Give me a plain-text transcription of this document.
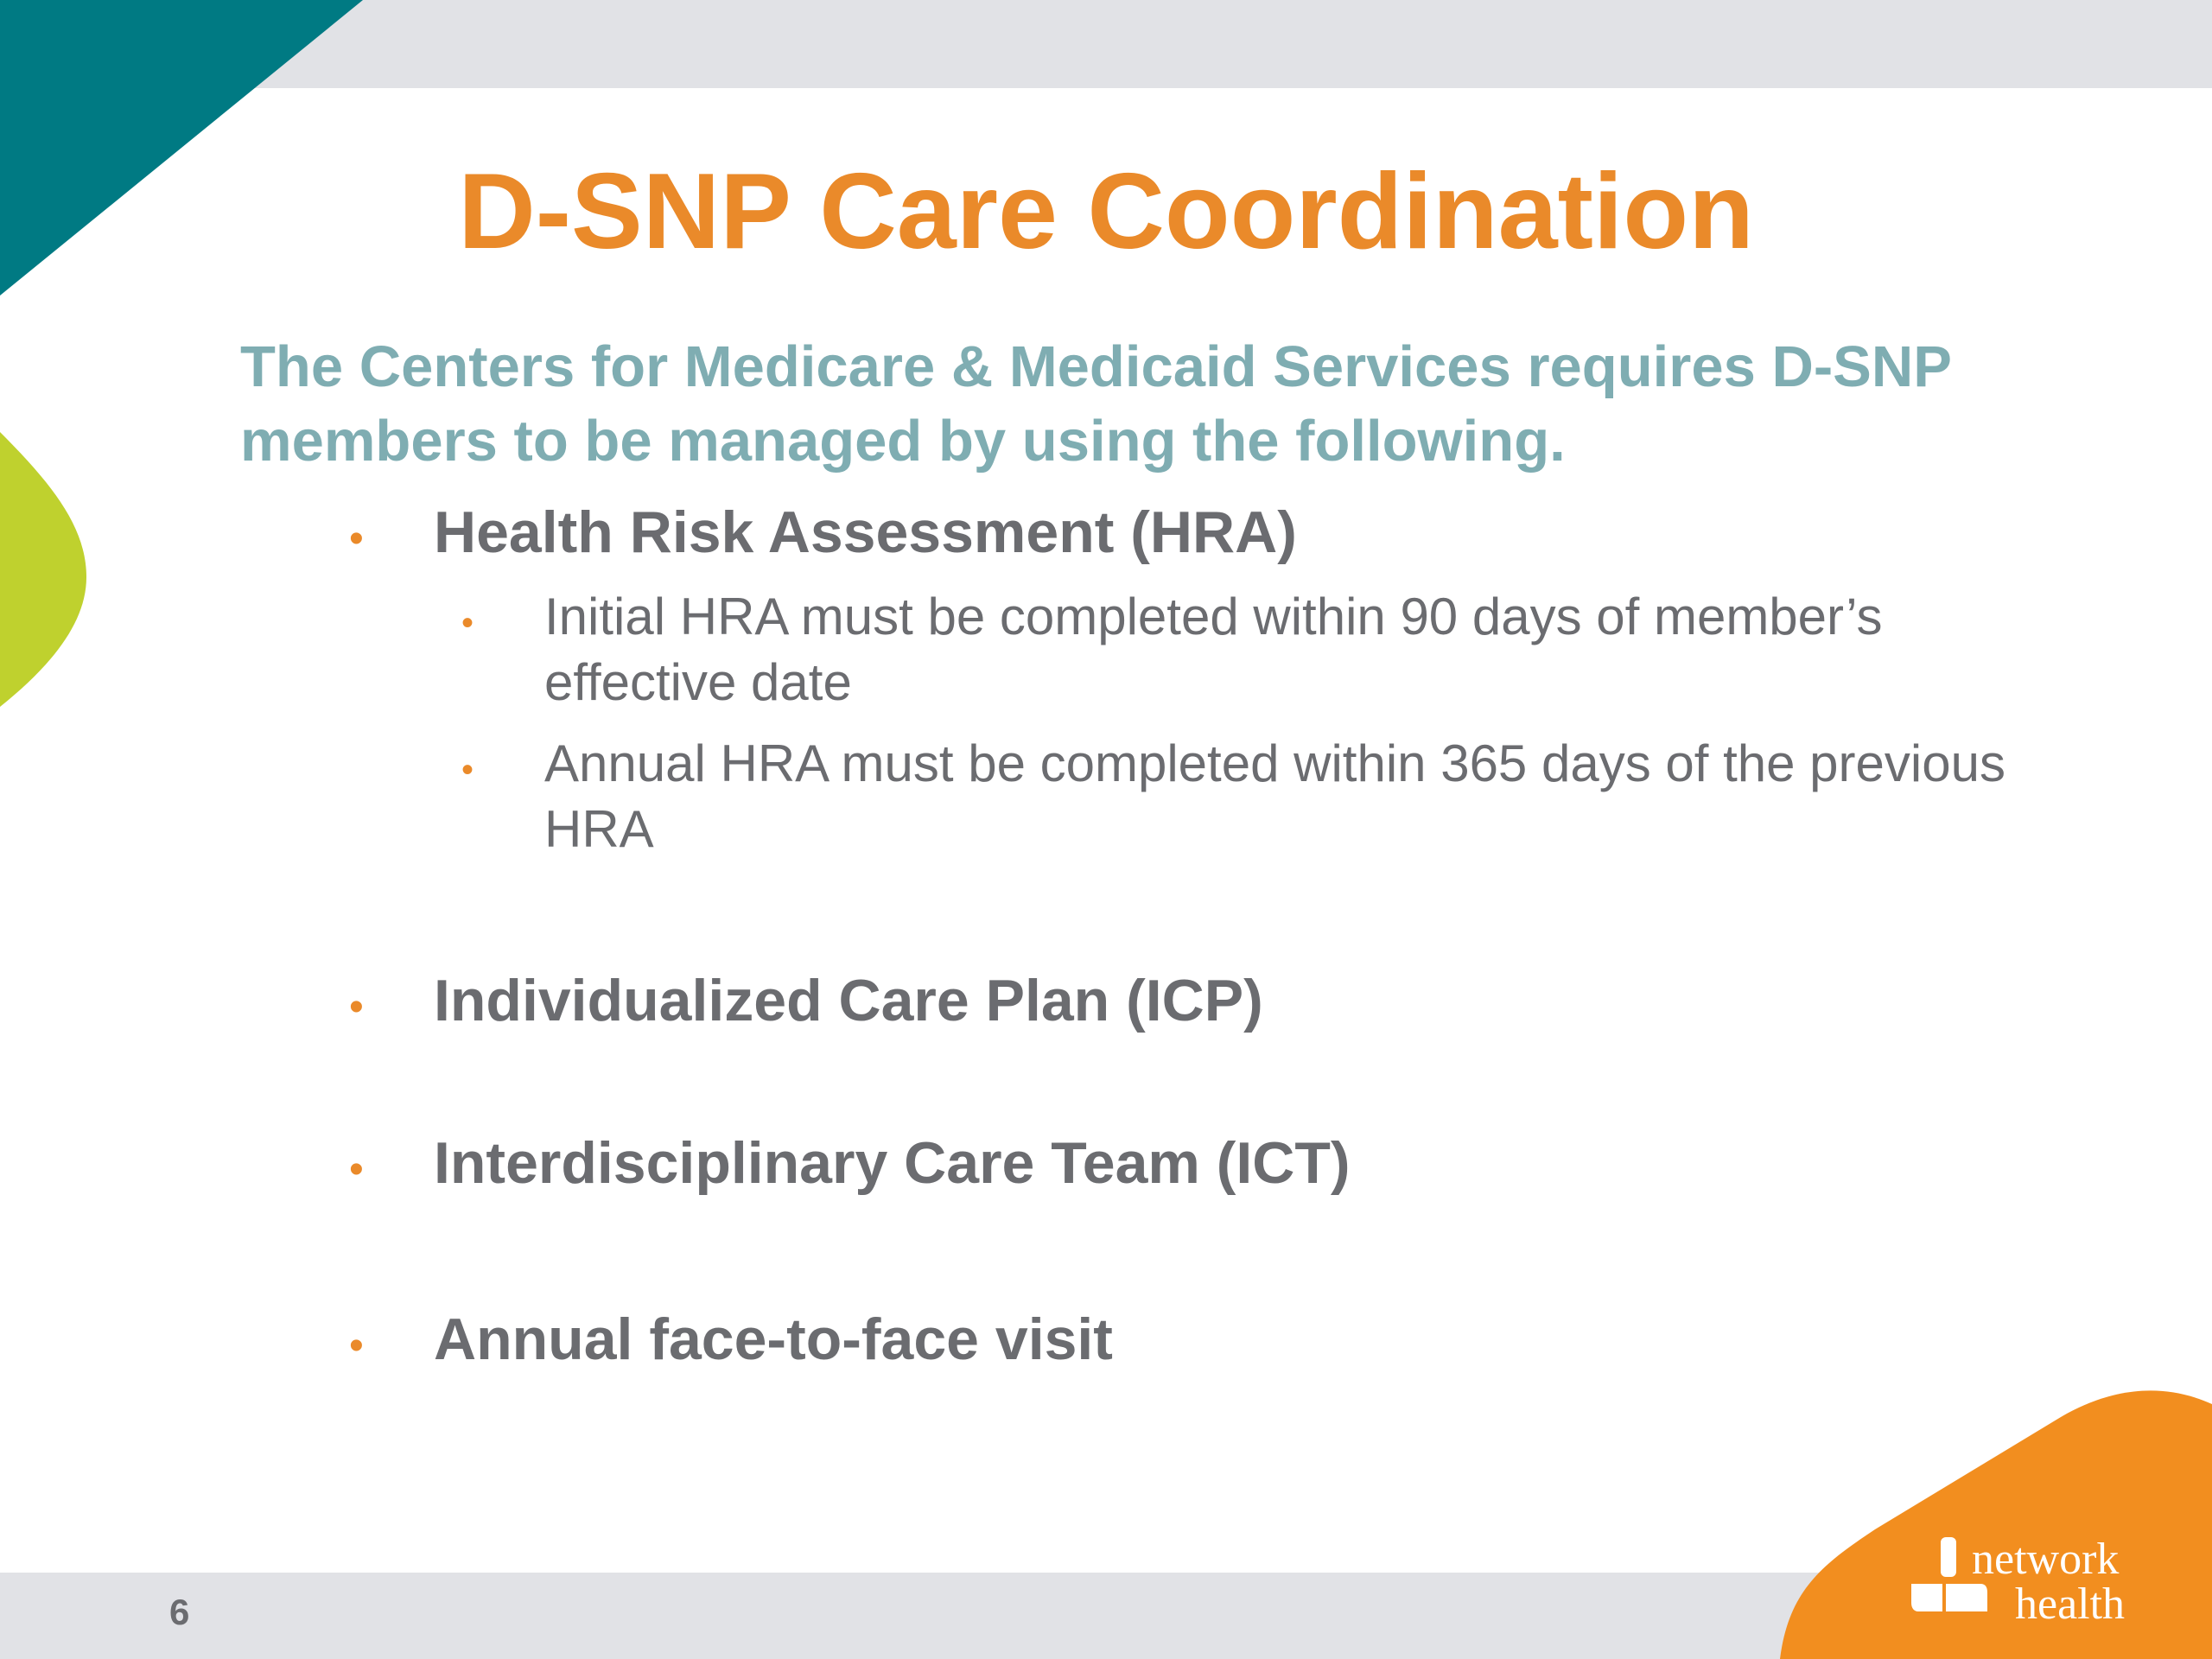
D-SNP Care Coordination
The Centers for Medicare & Medicaid Services requires D-SNP members to be managed by using the following.
•	Health Risk Assessment (HRA)
•	Initial HRA must be completed within 90 days of member’s effective date
•	Annual HRA must be completed within 365 days of the previous HRA
•	Individualized Care Plan (ICP)
•	Interdisciplinary Care Team (ICT)
•	Annual face-to-face visit
6
network
health
